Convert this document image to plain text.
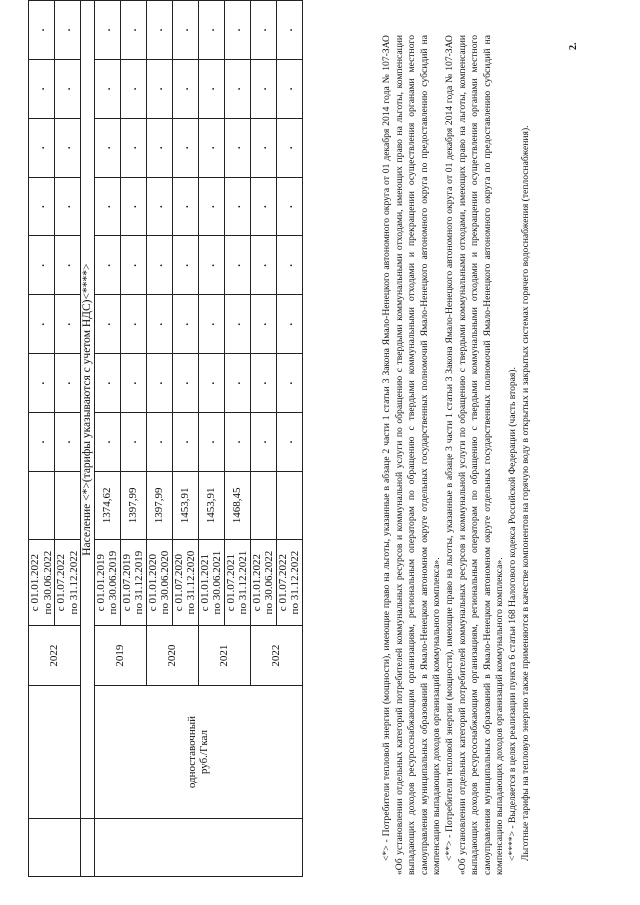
		2022	с 01.01.2022 по 30.06.2022		.	.	.	.	.	.	.	.

			с 01.07.2022 по 31.12.2022		.	.	.	.	.	.	.	.
	Население <*>(тарифы указываются с учетом НДС)<****>											

	одноставочный руб./Гкал	2019	с 01.01.2019 по 30.06.2019	1374,62	.	.	.	.	.	.	.	.

			с 01.07.2019 по 31.12.2019	1397,99	.	.	.	.	.	.	.	.
		2020	с 01.01.2020 по 30.06.2020	1397,99	.	.	.	.	.	.	.	.

			с 01.07.2020 по 31.12.2020	1453,91	.	.	.	.	.	.	.	.
		2021	с 01.01.2021 по 30.06.2021	1453,91	.	.	.	.	.	.	.	.

			с 01.07.2021 по 31.12.2021	1468,45	.	.	.	.	.	.	.	.
		2022	с 01.01.2022 по 30.06.2022		.	.	.	.	.	.	.	.

			с 01.07.2022 по 31.12.2022		.	.	.	.	.	.	.	.

<*> - Потребители тепловой энергии (мощности), имеющие право на льготы, указанные в абзаце 2 части 1 статьи 3 Закона Ямало-Ненецкого автономного округа от 01 декабря 2014 года № 107-ЗАО «Об установлении отдельных категорий потребителей коммунальных ресурсов и коммунальной услуги по обращению с твердыми коммунальными отходами, имеющих право на льготы, компенсации выпадающих доходов ресурсоснабжающим организациям, региональным операторам по обращению с твердыми коммунальными отходами и прекращении осуществления органами местного самоуправления муниципальных образований в Ямало-Ненецком автономном округе отдельных государственных полномочий Ямало-Ненецкого автономного округа по предоставлению субсидий на компенсацию выпадающих доходов организаций коммунального комплекса». <**> - Потребители тепловой энергии (мощности), имеющие право на льготы, указанные в абзаце 3 части 1 статьи 3 Закона Ямало-Ненецкого автономного округа от 01 декабря 2014 года № 107-ЗАО «Об установлении отдельных категорий потребителей коммунальных ресурсов и коммунальной услуги по обращению с твердыми коммунальными отходами, имеющих право на льготы, компенсации выпадающих доходов ресурсоснабжающим организациям, региональным операторам по обращению с твердыми коммунальными отходами и прекращении осуществления органами местного самоуправления муниципальных образований в Ямало-Ненецком автономном округе отдельных государственных полномочий Ямало-Ненецкого автономного округа по предоставлению субсидий на компенсацию выпадающих доходов организаций коммунального комплекса». <****> - Выделяется в целях реализации пункта 6 статьи 168 Налогового кодекса Российской Федерации (часть вторая). Льготные тарифы на тепловую энергию также применяются в качестве компонентов на горячую воду в открытых и закрытых системах горячего водоснабжения (теплоснабжения).

2.
